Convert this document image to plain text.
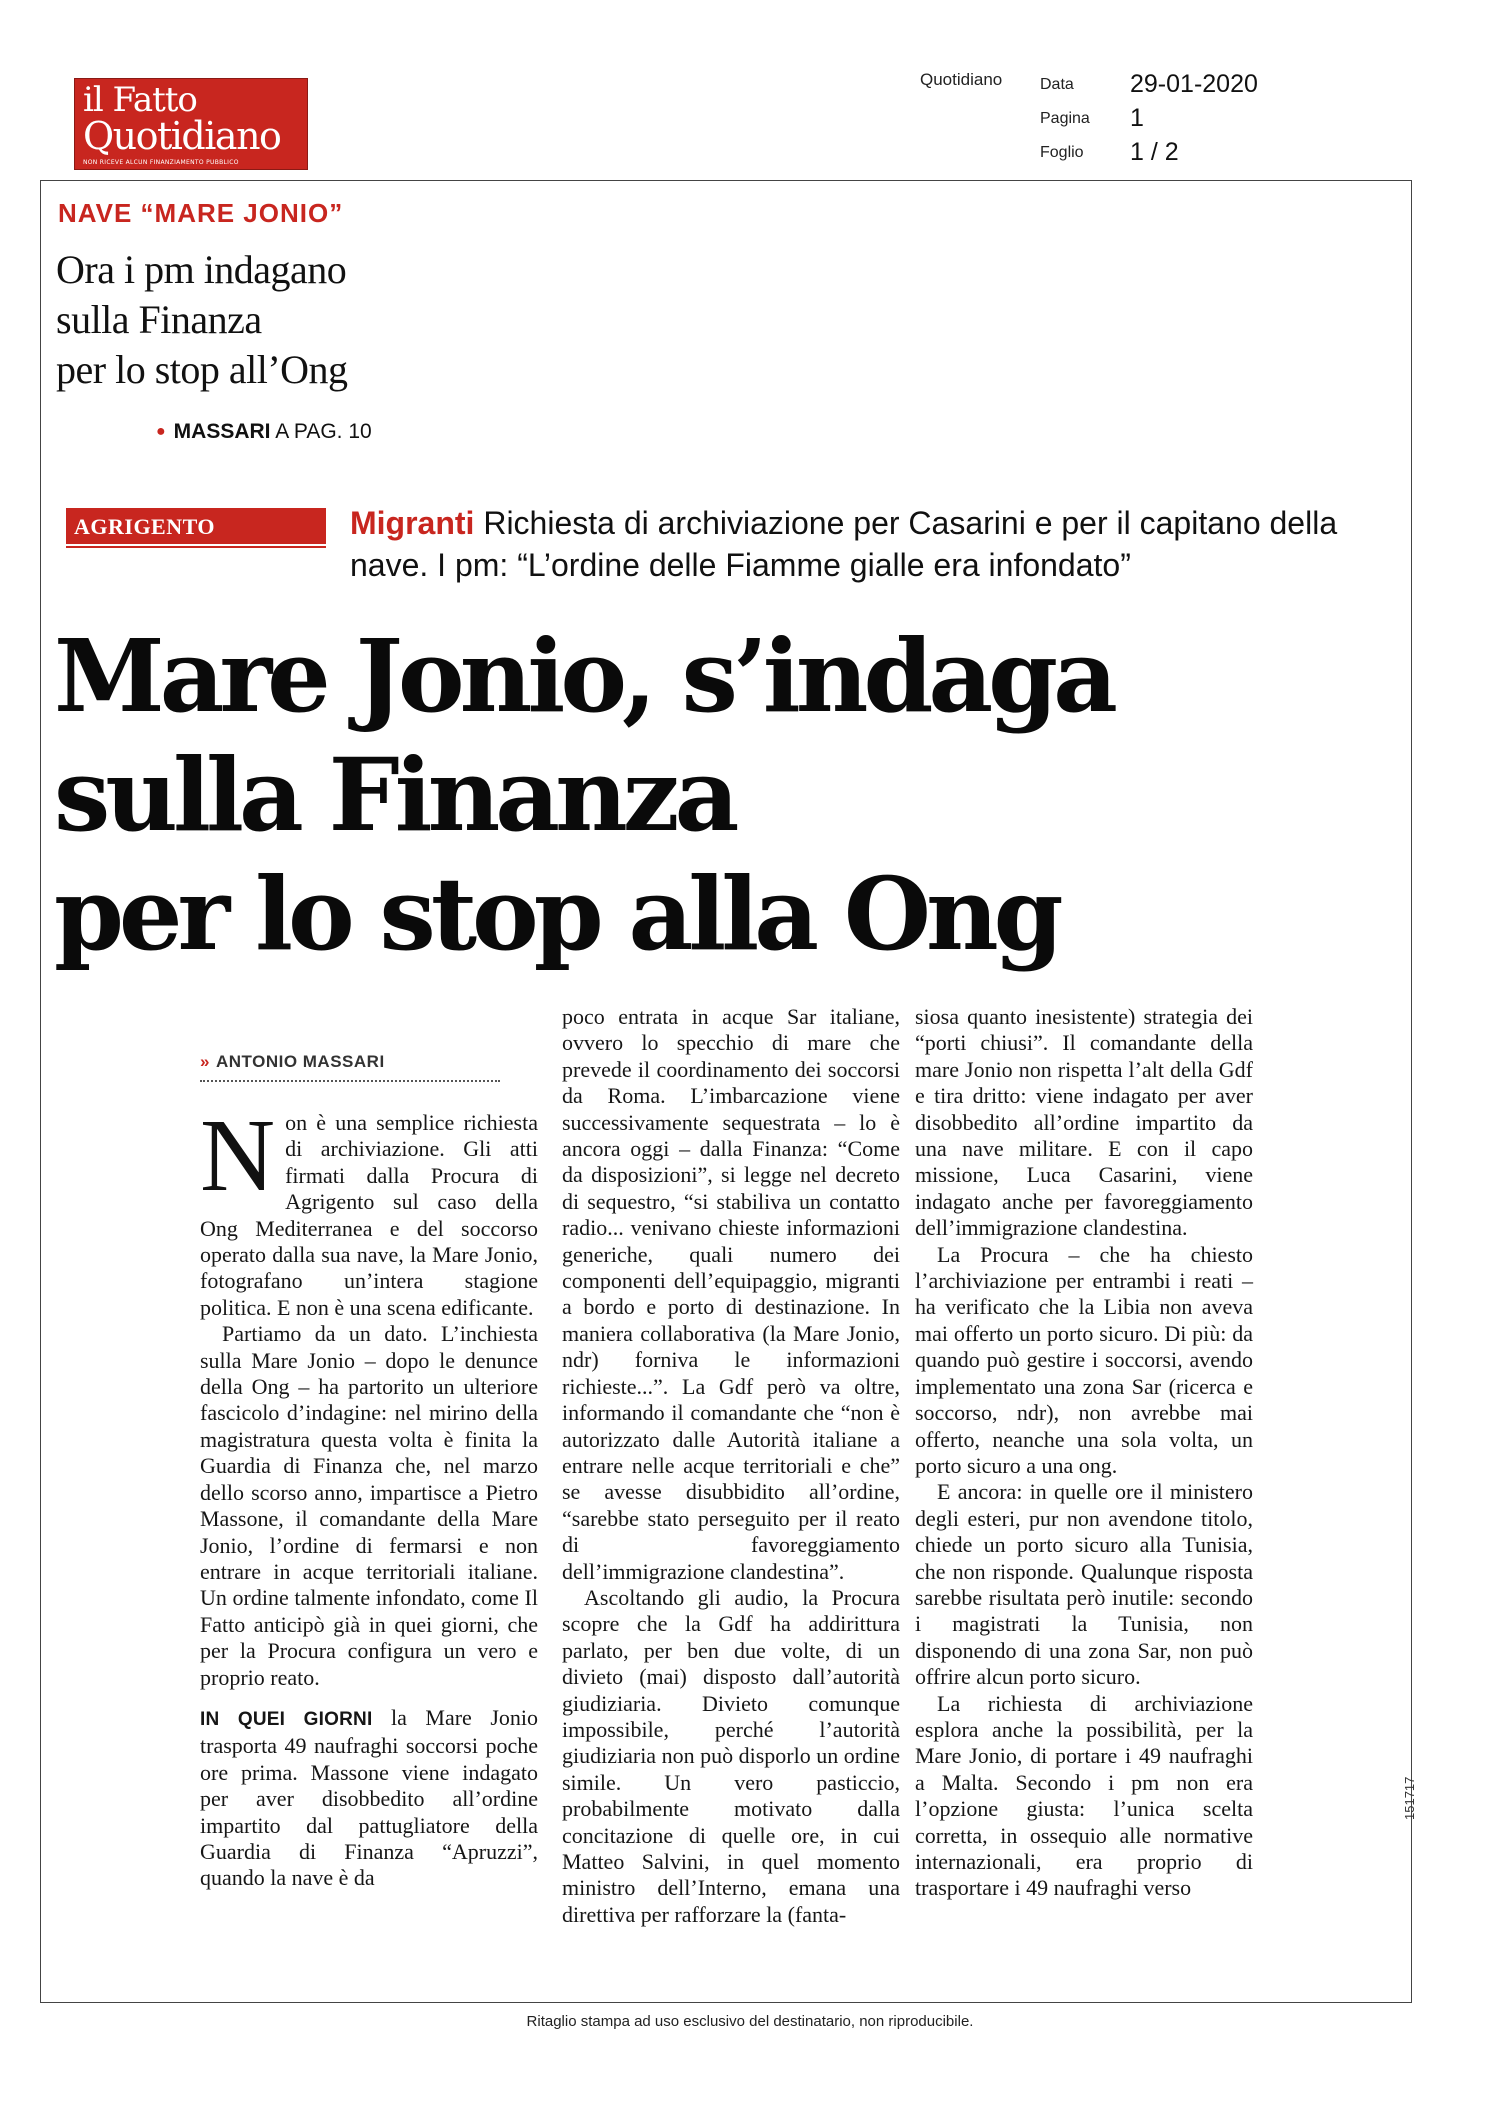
il Fatto
Quotidiano
NON RICEVE ALCUN FINANZIAMENTO PUBBLICO
Quotidiano Data 29-01-2020
Pagina 1
Foglio 1 / 2
NAVE “MARE JONIO”
Ora i pm indagano
sulla Finanza
per lo stop all’Ong
● MASSARI A PAG. 10
AGRIGENTO	Migranti Richiesta di archiviazione per Casarini e per il capitano della nave. I pm: “L’ordine delle Fiamme gialle era infondato”
Mare Jonio, s’indaga
sulla Finanza
per lo stop alla Ong
» ANTONIO MASSARI

Non è una semplice richiesta di archiviazione. Gli atti firmati dalla Procura di Agrigento sul caso della Ong Mediterranea e del soccorso operato dalla sua nave, la Mare Jonio, fotografano un’intera stagione politica. E non è una scena edificante.

Partiamo da un dato. L’inchiesta sulla Mare Jonio – dopo le denunce della Ong – ha partorito un ulteriore fascicolo d’indagine: nel mirino della magistratura questa volta è finita la Guardia di Finanza che, nel marzo dello scorso anno, impartisce a Pietro Massone, il comandante della Mare Jonio, l’ordine di fermarsi e non entrare in acque territoriali italiane. Un ordine talmente infondato, come Il Fatto anticipò già in quei giorni, che per la Procura configura un vero e proprio reato.

IN QUEI GIORNI la Mare Jonio trasporta 49 naufraghi soccorsi poche ore prima. Massone viene indagato per aver disobbedito all’ordine impartito dal pattugliatore della Guardia di Finanza “Apruzzi”, quando la nave è da

poco entrata in acque Sar italiane, ovvero lo specchio di mare che prevede il coordinamento dei soccorsi da Roma. L’imbarcazione viene successivamente sequestrata – lo è ancora oggi – dalla Finanza: “Come da disposizioni”, si legge nel decreto di sequestro, “si stabiliva un contatto radio... venivano chieste informazioni generiche, quali numero dei componenti dell’equipaggio, migranti a bordo e porto di destinazione. In maniera collaborativa (la Mare Jonio, ndr) forniva le informazioni richieste...”. La Gdf però va oltre, informando il comandante che “non è autorizzato dalle Autorità italiane a entrare nelle acque territoriali e che” se avesse disubbidito all’ordine, “sarebbe stato perseguito per il reato di favoreggiamento dell’immigrazione clandestina”.

Ascoltando gli audio, la Procura scopre che la Gdf ha addirittura parlato, per ben due volte, di un divieto (mai) disposto dall’autorità giudiziaria. Divieto comunque impossibile, perché l’autorità giudiziaria non può disporlo un ordine simile. Un vero pasticcio, probabilmente motivato dalla concitazione di quelle ore, in cui Matteo Salvini, in quel momento ministro dell’Interno, emana una direttiva per rafforzare la (fanta-

siosa quanto inesistente) strategia dei “porti chiusi”. Il comandante della mare Jonio non rispetta l’alt della Gdf e tira dritto: viene indagato per aver disobbedito all’ordine impartito da una nave militare. E con il capo missione, Luca Casarini, viene indagato anche per favoreggiamento dell’immigrazione clandestina.

La Procura – che ha chiesto l’archiviazione per entrambi i reati – ha verificato che la Libia non aveva mai offerto un porto sicuro. Di più: da quando può gestire i soccorsi, avendo implementato una zona Sar (ricerca e soccorso, ndr), non avrebbe mai offerto, neanche una sola volta, un porto sicuro a una ong.

E ancora: in quelle ore il ministero degli esteri, pur non avendone titolo, chiede un porto sicuro alla Tunisia, che non risponde. Qualunque risposta sarebbe risultata però inutile: secondo i magistrati la Tunisia, non disponendo di una zona Sar, non può offrire alcun porto sicuro.

La richiesta di archiviazione esplora anche la possibilità, per la Mare Jonio, di portare i 49 naufraghi a Malta. Secondo i pm non era l’opzione giusta: l’unica scelta corretta, in ossequio alle normative internazionali, era proprio di trasportare i 49 naufraghi verso

151717
Ritaglio stampa ad uso esclusivo del destinatario, non riproducibile.
